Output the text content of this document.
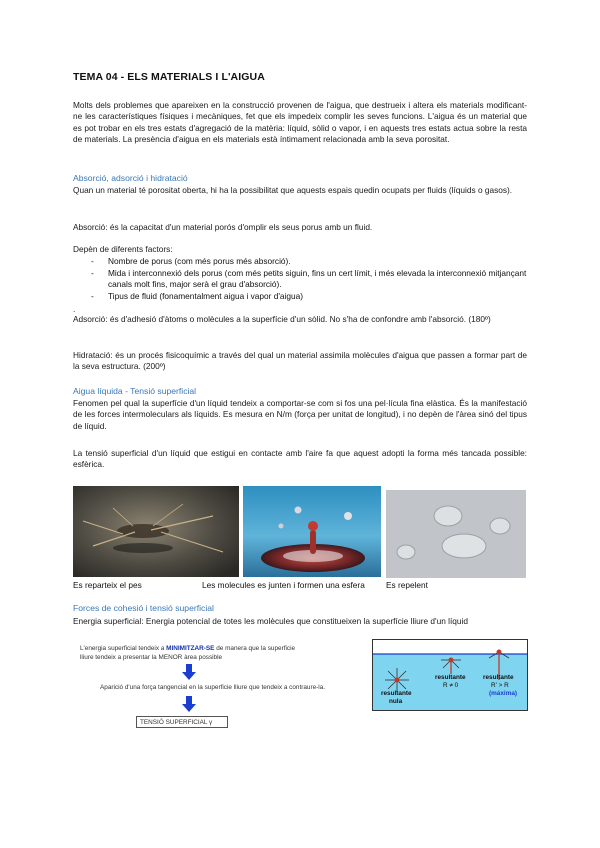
TEMA 04 - ELS MATERIALS I L'AIGUA
Molts dels problemes que apareixen en la construcció provenen de l'aigua, que destrueix i altera els materials modificant-ne les característiques físiques i mecàniques, fet que els impedeix complir les seves funcions. L'aigua és un material que es pot trobar en els tres estats d'agregació de la matèria: líquid, sòlid o vapor, i en aquests tres estats actua sobre la resta de materials. La presència d'aigua en els materials està íntimament relacionada amb la seva porositat.
Absorció, adsorció i hidratació
Quan un material té porositat oberta, hi ha la possibilitat que aquests espais quedin ocupats per fluids (líquids o gasos).
Absorció: és la capacitat d'un material porós d'omplir els seus porus amb un fluid.
Depèn de diferents factors:
- Nombre de porus (com més porus més absorció).
- Mida i interconnexió dels porus (com més petits siguin, fins un cert límit, i més elevada la interconnexió mitjançant canals molt fins, major serà el grau d'absorció).
- Tipus de fluid (fonamentalment aigua i vapor d'aigua)
.
Adsorció: és d'adhesió d'àtoms o molècules a la superfície d'un sòlid. No s'ha de confondre amb l'absorció. (180º)
Hidratació: és un procés fisicoquímic a través del qual un material assimila molècules d'aigua que passen a formar part de la seva estructura. (200º)
Aigua líquida - Tensió superficial
Fenomen pel qual la superfície d'un líquid tendeix a comportar-se com si fos una pel·lícula fina elàstica. És la manifestació de les forces intermoleculars als líquids. Es mesura en N/m (força per unitat de longitud), i no depèn de l'àrea sinó del tipus de líquid.
La tensió superficial d'un líquid que estigui en contacte amb l'aire fa que aquest adopti la forma més tancada possible: esfèrica.
Es reparteix el pes	Les molecules es junten i formen una esfera	Es repelent
Forces de cohesió i tensió superficial
Energia superficial: Energia potencial de totes les molècules que constitueixen la superfície lliure d'un líquid
L'energia superficial tendeix a MINIMITZAR-SE de manera que la superficie
lliure tendeix a presentar la MENOR àrea possible
Aparició d'una força tangencial en la superficie lliure que tendeix a contraure-la.
TENSIÓ SUPERFICIAL γ
resultante
nula
resultante
R ≠ 0
resultante
R' > R
(máxima)
